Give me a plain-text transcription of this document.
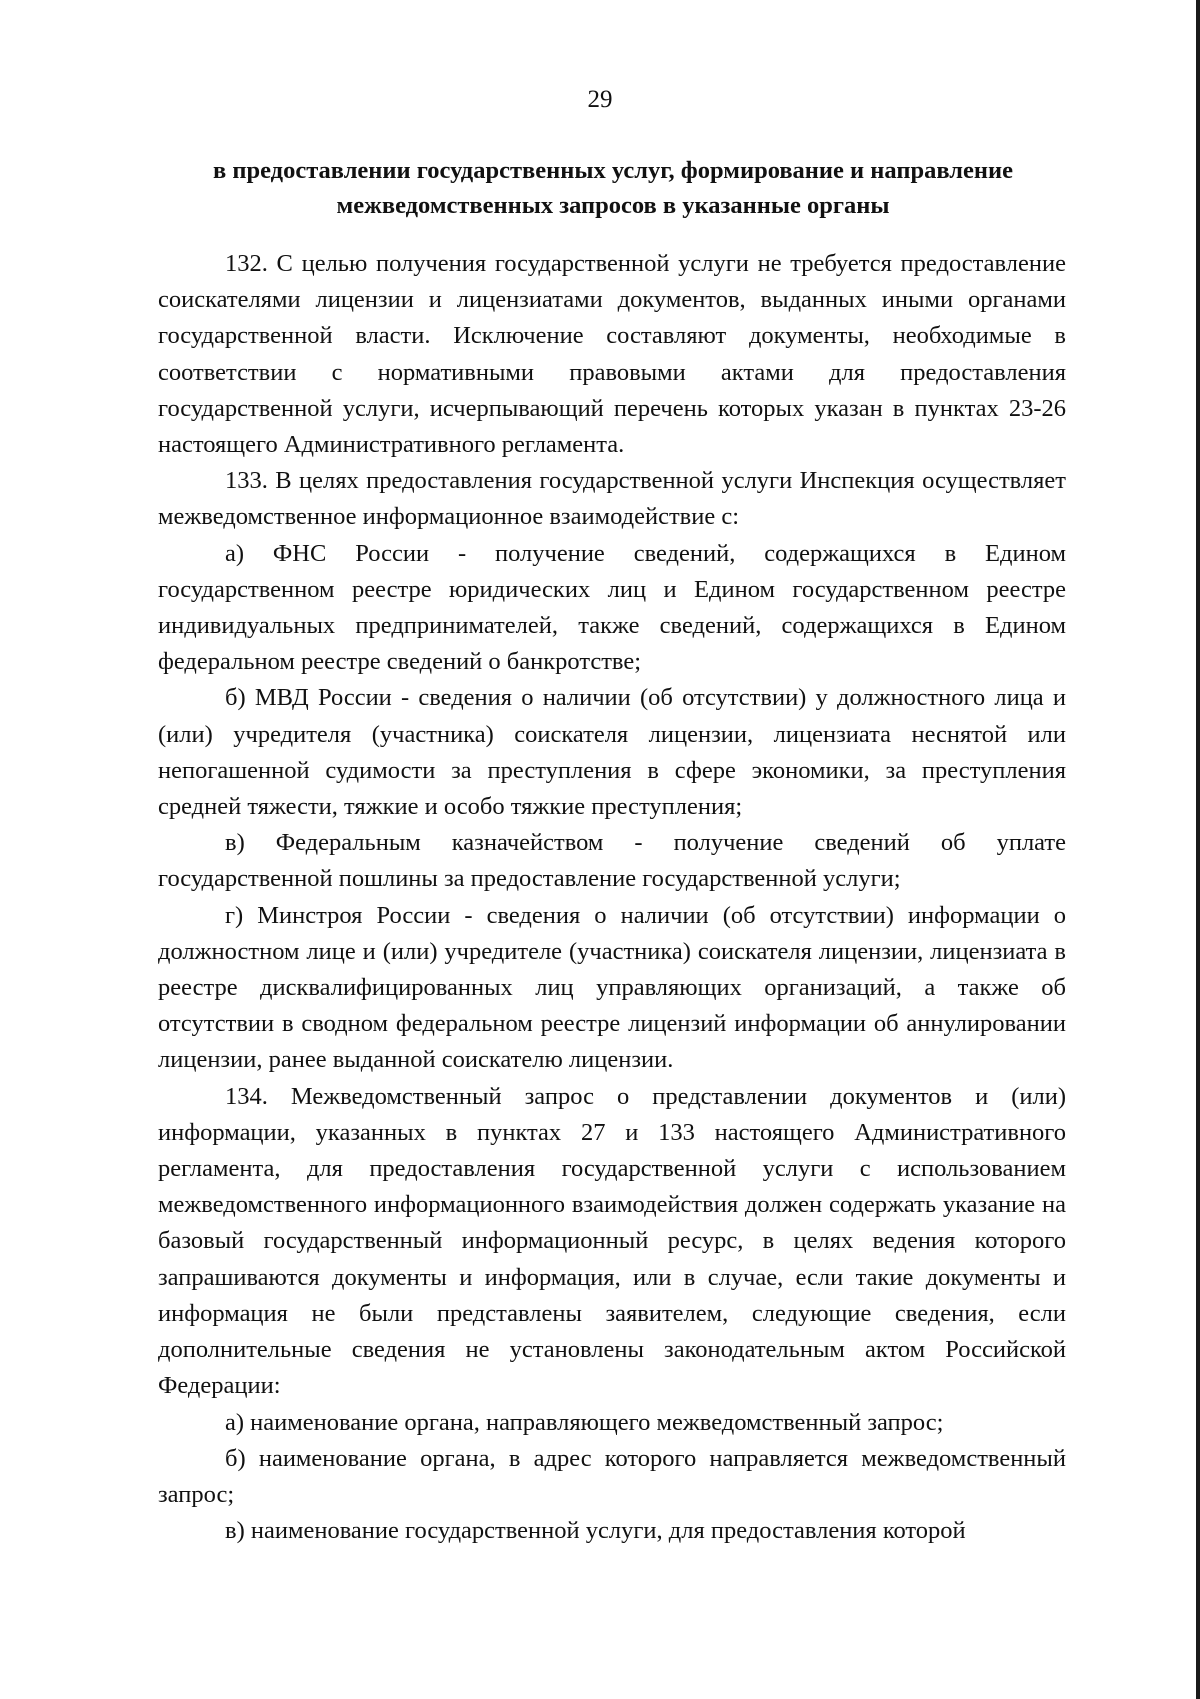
29
в предоставлении государственных услуг, формирование и направление межведомственных запросов в указанные органы

132. С целью получения государственной услуги не требуется предоставление соискателями лицензии и лицензиатами документов, выданных иными органами государственной власти. Исключение составляют документы, необходимые в соответствии с нормативными правовыми актами для предоставления государственной услуги, исчерпывающий перечень которых указан в пунктах 23-26 настоящего Административного регламента.

133. В целях предоставления государственной услуги Инспекция осуществляет межведомственное информационное взаимодействие с:

а) ФНС России - получение сведений, содержащихся в Едином государственном реестре юридических лиц и Едином государственном реестре индивидуальных предпринимателей, также сведений, содержащихся в Едином федеральном реестре сведений о банкротстве;

б) МВД России - сведения о наличии (об отсутствии) у должностного лица и (или) учредителя (участника) соискателя лицензии, лицензиата неснятой или непогашенной судимости за преступления в сфере экономики, за преступления средней тяжести, тяжкие и особо тяжкие преступления;

в) Федеральным казначейством - получение сведений об уплате государственной пошлины за предоставление государственной услуги;

г) Минстроя России - сведения о наличии (об отсутствии) информации о должностном лице и (или) учредителе (участника) соискателя лицензии, лицензиата в реестре дисквалифицированных лиц управляющих организаций, а также об отсутствии в сводном федеральном реестре лицензий информации об аннулировании лицензии, ранее выданной соискателю лицензии.

134. Межведомственный запрос о представлении документов и (или) информации, указанных в пунктах 27 и 133 настоящего Административного регламента, для предоставления государственной услуги с использованием межведомственного информационного взаимодействия должен содержать указание на базовый государственный информационный ресурс, в целях ведения которого запрашиваются документы и информация, или в случае, если такие документы и информация не были представлены заявителем, следующие сведения, если дополнительные сведения не установлены законодательным актом Российской Федерации:

а) наименование органа, направляющего межведомственный запрос;

б) наименование органа, в адрес которого направляется межведомственный запрос;

в) наименование государственной услуги, для предоставления которой
